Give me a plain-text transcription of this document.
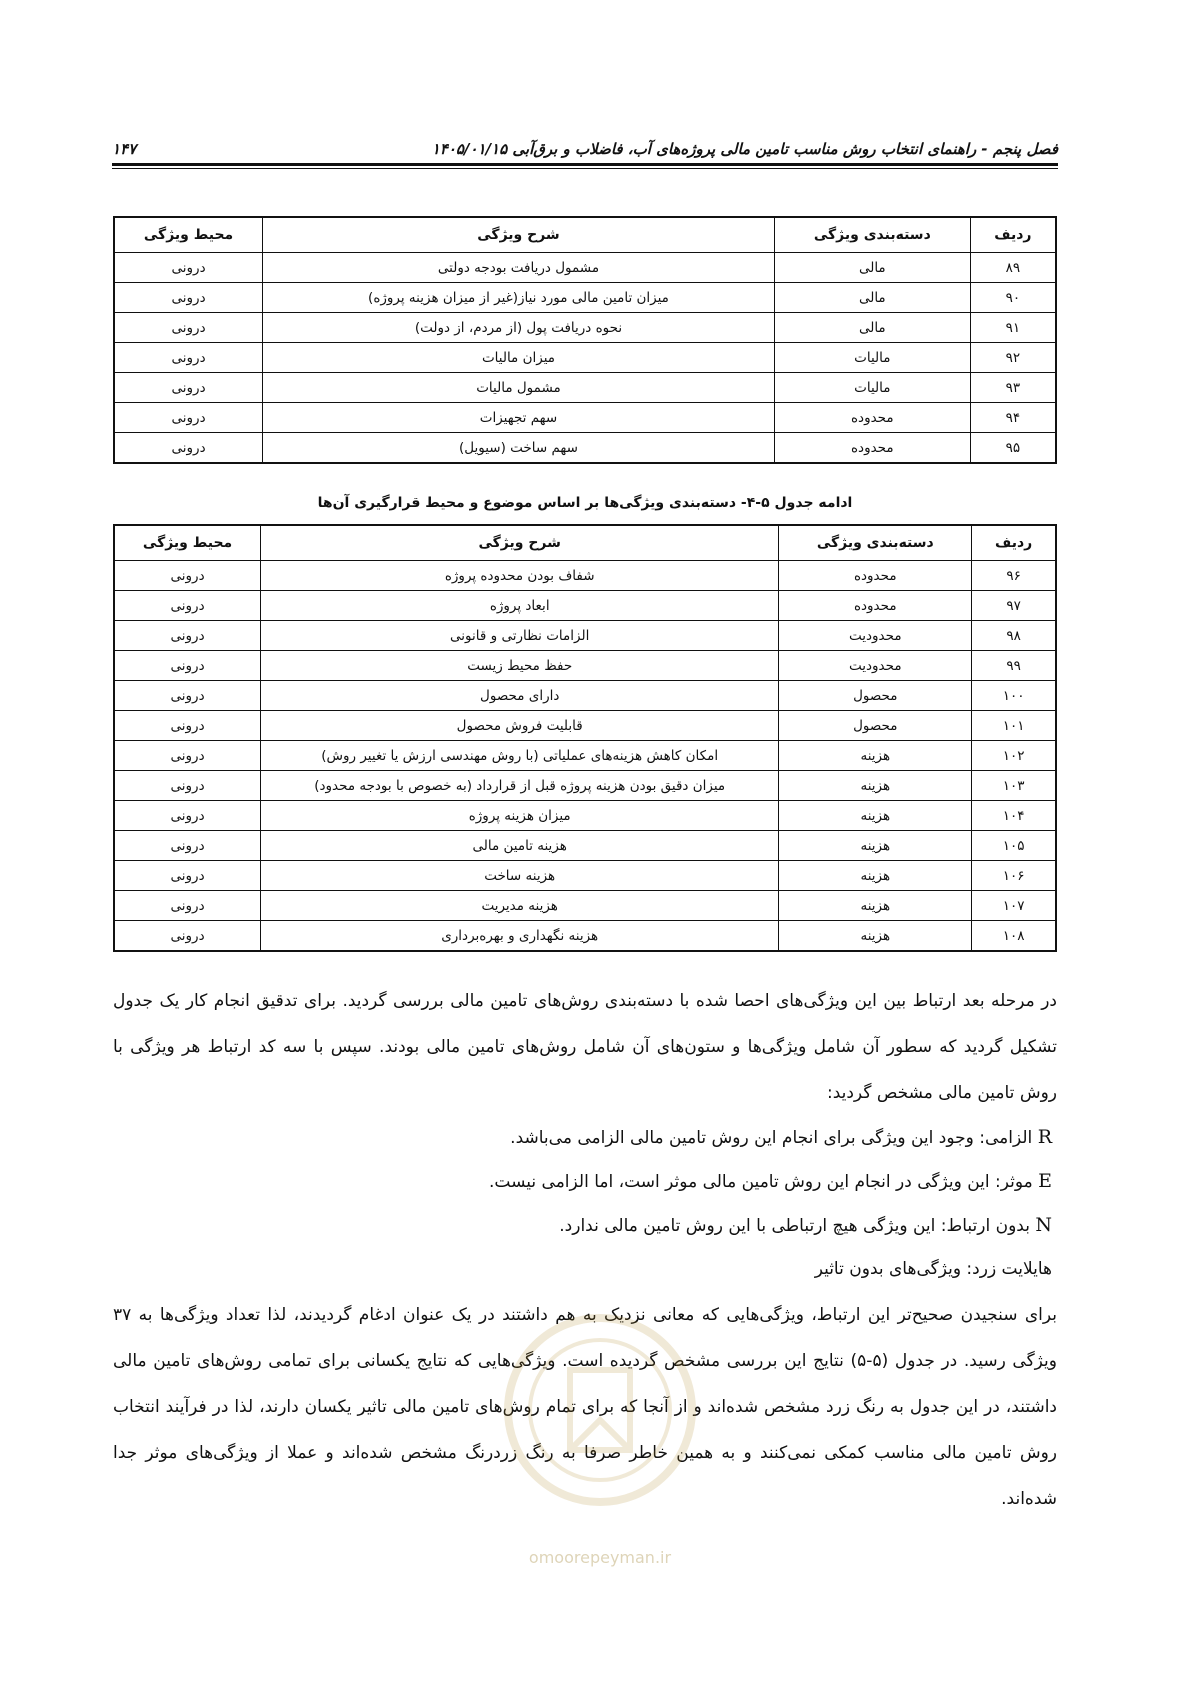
فصل پنجم - راهنمای انتخاب روش مناسب تامین مالی پروژه‌های آب، فاضلاب و برق‌آبی ۱۴۰۵/۰۱/۱۵
۱۴۷
ردیف	دسته‌بندی ویژگی	شرح ویژگی	محیط ویژگی
۸۹	مالی	مشمول دریافت بودجه دولتی	درونی
۹۰	مالی	میزان تامین مالی مورد نیاز(غیر از میزان هزینه پروژه)	درونی
۹۱	مالی	نحوه دریافت پول (از مردم، از دولت)	درونی
۹۲	مالیات	میزان مالیات	درونی
۹۳	مالیات	مشمول مالیات	درونی
۹۴	محدوده	سهم تجهیزات	درونی
۹۵	محدوده	سهم ساخت (سیویل)	درونی
ادامه جدول ۵-۴- دسته‌بندی ویژگی‌ها بر اساس موضوع و محیط قرارگیری آن‌ها
ردیف	دسته‌بندی ویژگی	شرح ویژگی	محیط ویژگی
۹۶	محدوده	شفاف بودن محدوده پروژه	درونی
۹۷	محدوده	ابعاد پروژه	درونی
۹۸	محدودیت	الزامات نظارتی و قانونی	درونی
۹۹	محدودیت	حفظ محیط زیست	درونی
۱۰۰	محصول	دارای محصول	درونی
۱۰۱	محصول	قابلیت فروش محصول	درونی
۱۰۲	هزینه	امکان کاهش هزینه‌های عملیاتی (با روش مهندسی ارزش یا تغییر روش)	درونی
۱۰۳	هزینه	میزان دقیق بودن هزینه پروژه قبل از قرارداد (به خصوص با بودجه محدود)	درونی
۱۰۴	هزینه	میزان هزینه پروژه	درونی
۱۰۵	هزینه	هزینه تامین مالی	درونی
۱۰۶	هزینه	هزینه ساخت	درونی
۱۰۷	هزینه	هزینه مدیریت	درونی
۱۰۸	هزینه	هزینه نگهداری و بهره‌برداری	درونی

در مرحله بعد ارتباط بین این ویژگی‌های احصا شده با دسته‌بندی روش‌های تامین مالی بررسی گردید. برای تدقیق انجام کار یک جدول تشکیل گردید که سطور آن شامل ویژگی‌ها و ستون‌های آن شامل روش‌های تامین مالی بودند. سپس با سه کد ارتباط هر ویژگی با روش تامین مالی مشخص گردید:

R الزامی: وجود این ویژگی برای انجام این روش تامین مالی الزامی می‌باشد.
E موثر: این ویژگی در انجام این روش تامین مالی موثر است، اما الزامی نیست.
N بدون ارتباط: این ویژگی هیچ ارتباطی با این روش تامین مالی ندارد.
هایلایت زرد: ویژگی‌های بدون تاثیر

برای سنجیدن صحیح‌تر این ارتباط، ویژگی‌هایی که معانی نزدیک به هم داشتند در یک عنوان ادغام گردیدند، لذا تعداد ویژگی‌ها به ۳۷ ویژگی رسید. در جدول (۵-۵) نتایج این بررسی مشخص گردیده است. ویژگی‌هایی که نتایج یکسانی برای تمامی روش‌های تامین مالی داشتند، در این جدول به رنگ زرد مشخص شده‌اند و از آنجا که برای تمام روش‌های تامین مالی تاثیر یکسان دارند، لذا در فرآیند انتخاب روش تامین مالی مناسب کمکی نمی‌کنند و به همین خاطر صرفا به رنگ زرد‌رنگ مشخص شده‌اند و عملا از ویژگی‌های موثر جدا شده‌اند.

omoorepeyman.ir
